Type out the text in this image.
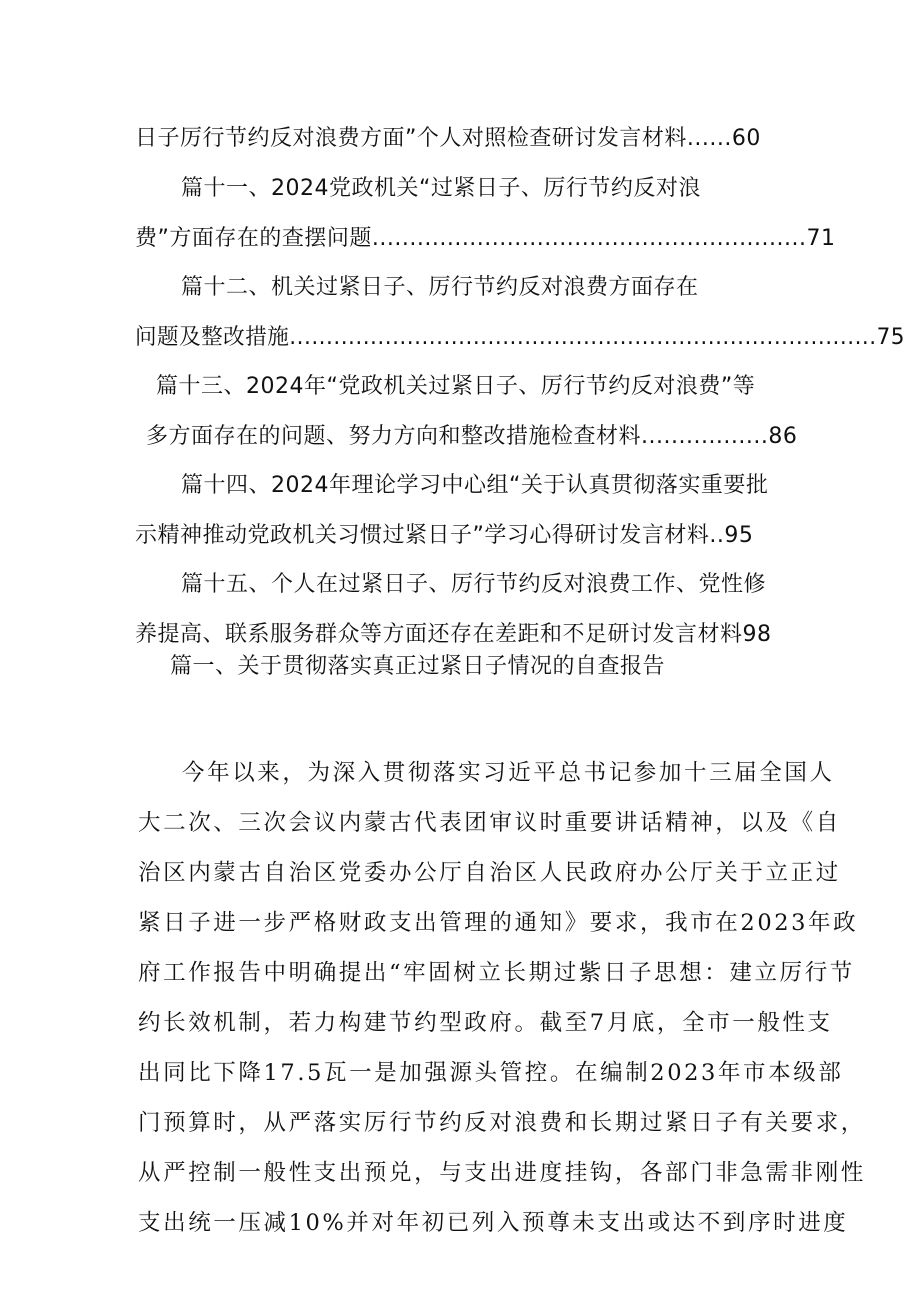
日子厉行节约反对浪费方面”个人对照检查研讨发言材料......60
篇十一、2024党政机关“过紧日子、厉行节约反对浪
费”方面存在的查摆问题..........................................................71
篇十二、机关过紧日子、厉行节约反对浪费方面存在
问题及整改措施................................................................................75
篇十三、2024年“党政机关过紧日子、厉行节约反对浪费”等
多方面存在的问题、努力方向和整改措施检查材料.................86
篇十四、2024年理论学习中心组“关于认真贯彻落实重要批
示精神推动党政机关习惯过紧日子”学习心得研讨发言材料..95
篇十五、个人在过紧日子、厉行节约反对浪费工作、党性修
养提高、联系服务群众等方面还存在差距和不足研讨发言材料98
篇一、关于贯彻落实真正过紧日子情况的自查报告
今年以来，为深入贯彻落实习近平总书记参加十三届全国人
大二次、三次会议内蒙古代表团审议时重要讲话精神，以及《自
治区内蒙古自治区党委办公厅自治区人民政府办公厅关于立正过
紧日子进一步严格财政支出管理的通知》要求，我市在2023年政
府工作报告中明确提出“牢固树立长期过紫日子思想：建立厉行节
约长效机制，若力构建节约型政府。截至7月底，全市一般性支
出同比下降17.5瓦一是加强源头管控。在编制2023年市本级部
门预算时，从严落实厉行节约反对浪费和长期过紧日子有关要求，
从严控制一般性支出预兑，与支出进度挂钩，各部门非急需非刚性
支出统一压减10%并对年初已列入预尊未支出或达不到序时进度
